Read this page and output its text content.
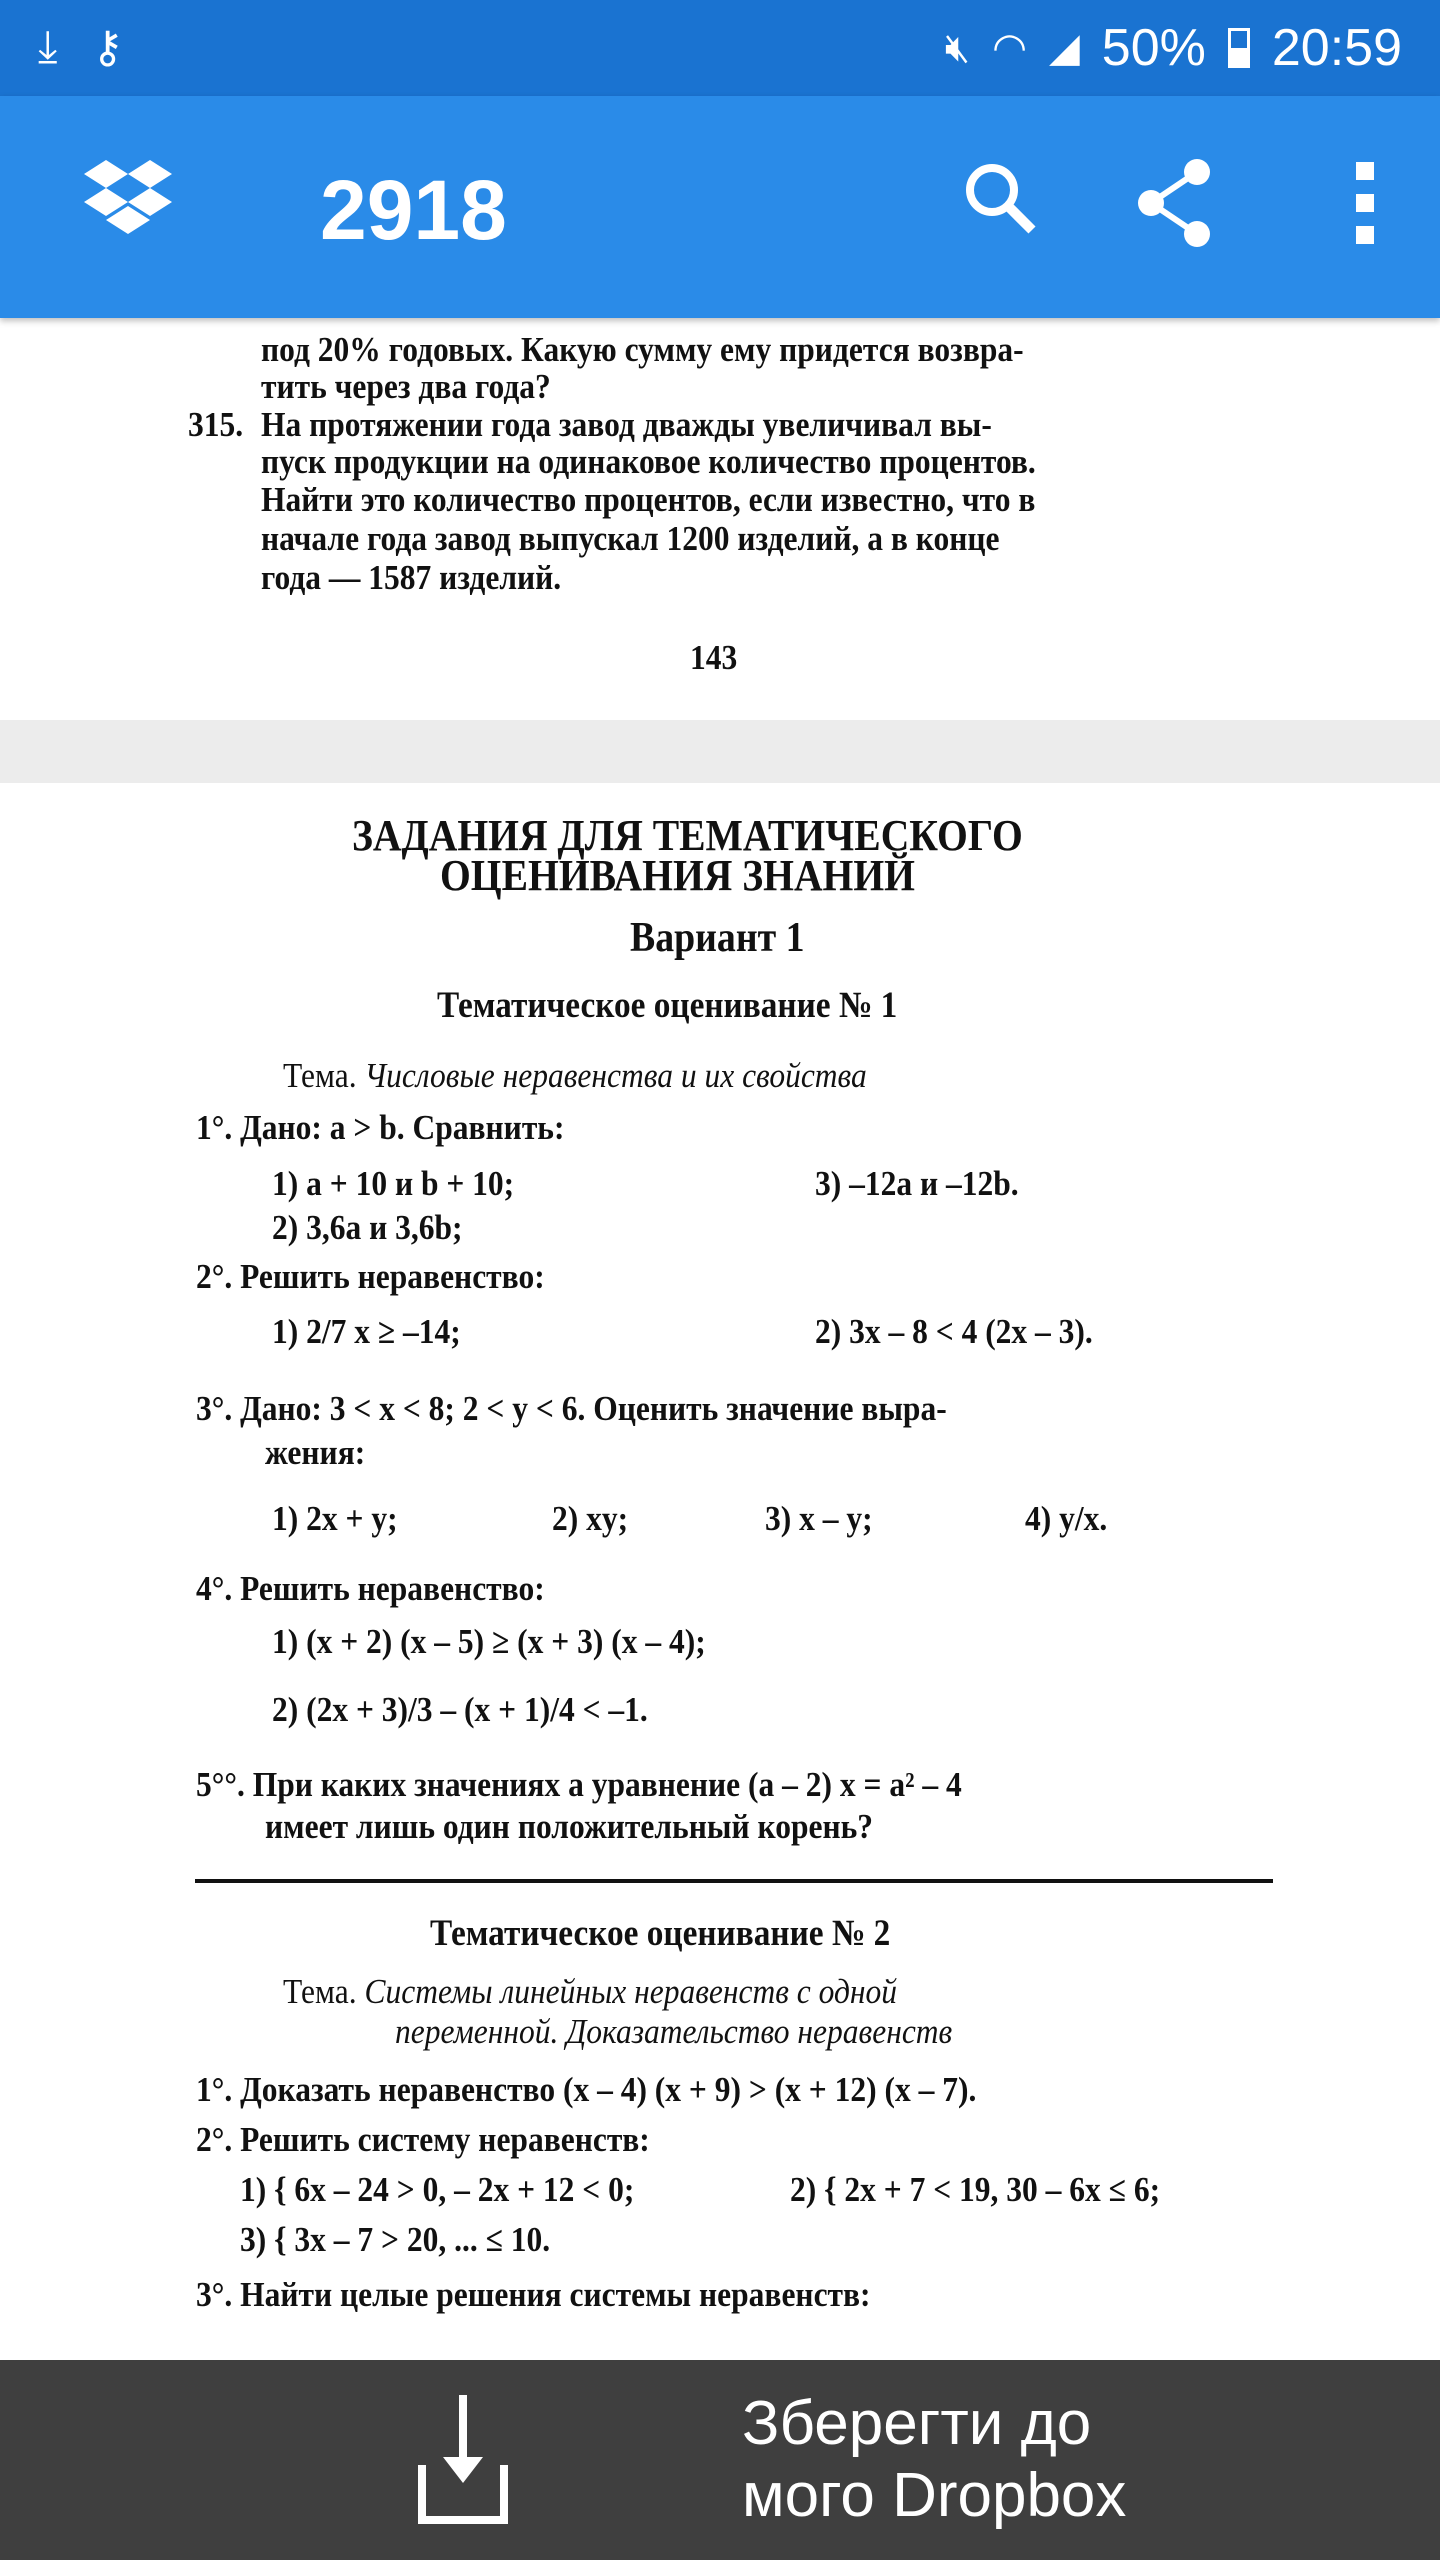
⤓ ⚷	🔇︎ ◠ ◢ 50% 20:59
2918
под 20% годовых. Какую сумму ему придется возвра-
тить через два года?
315. На протяжении года завод дважды увеличивал вы-
пуск продукции на одинаковое количество процентов.
Найти это количество процентов, если известно, что в
начале года завод выпускал 1200 изделий, а в конце
года — 1587 изделий.
143
ЗАДАНИЯ ДЛЯ ТЕМАТИЧЕСКОГО
ОЦЕНИВАНИЯ ЗНАНИЙ
Вариант 1
Тематическое оценивание № 1
Тема. Числовые неравенства и их свойства
1°. Дано: a > b. Сравнить:
1) a + 10 и b + 10;	3) –12a и –12b.
2) 3,6a и 3,6b;
2°. Решить неравенство:
1) 2/7 x ≥ –14;	2) 3x – 8 < 4 (2x – 3).
3°. Дано: 3 < x < 8; 2 < y < 6. Оценить значение выра-
жения:
1) 2x + y;	2) xy;	3) x – y;	4) y/x.
4°. Решить неравенство:
1) (x + 2) (x – 5) ≥ (x + 3) (x – 4);
2) (2x + 3)/3 – (x + 1)/4 < –1.
5°°. При каких значениях a уравнение (a – 2) x = a² – 4
имеет лишь один положительный корень?
Тематическое оценивание № 2
Тема. Системы линейных неравенств с одной
переменной. Доказательство неравенств
1°. Доказать неравенство (x – 4) (x + 9) > (x + 12) (x – 7).
2°. Решить систему неравенств:
1) { 6x – 24 > 0, – 2x + 12 < 0;	2) { 2x + 7 < 19, 30 – 6x ≤ 6;
3) { 3x – 7 > 20, ... ≤ 10.
3°. Найти целые решения системы неравенств:
Зберегти до
мого Dropbox
